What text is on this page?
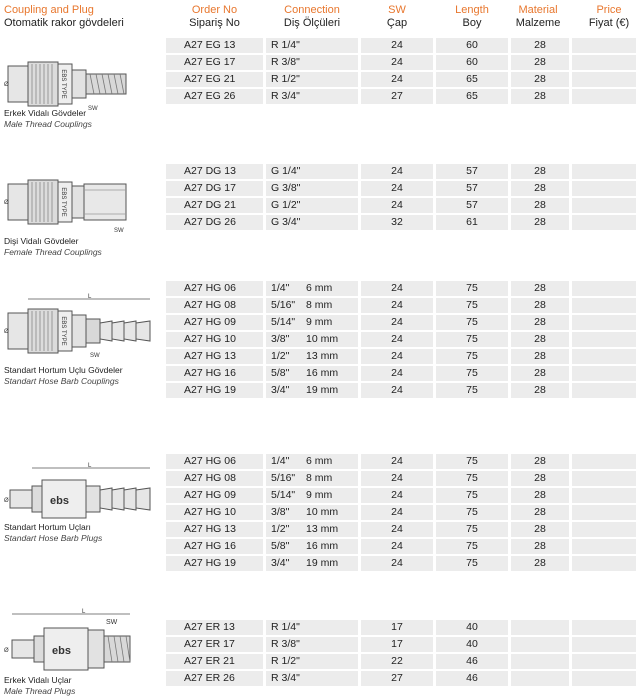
Coupling and Plug
Otomatik rakor gövdeleri
Order No
Sipariş No
Connection
Diş Ölçüleri
SW
Çap
Length
Boy
Material
Malzeme
Price
Fiyat (€)
EBS TYPE
SW
Ø
Erkek Vidalı Gövdeler
Male Thread Couplings
A27 EG 13	R 1/4"	24	60	28
A27 EG 17	R 3/8"	24	60	28
A27 EG 21	R 1/2"	24	65	28
A27 EG 26	R 3/4"	27	65	28
EBS TYPE
SW
Ø
Dişi Vidalı Gövdeler
Female Thread Couplings
A27 DG 13	G 1/4"	24	57	28
A27 DG 17	G 3/8"	24	57	28
A27 DG 21	G 1/2"	24	57	28
A27 DG 26	G 3/4"	32	61	28
L
EBS TYPE
SW
Ø
Standart Hortum Uçlu Gövdeler
Standart Hose Barb Couplings
A27 HG 06	1/4" 6 mm	24	75	28
A27 HG 08	5/16" 8 mm	24	75	28
A27 HG 09	5/14" 9 mm	24	75	28
A27 HG 10	3/8" 10 mm	24	75	28
A27 HG 13	1/2" 13 mm	24	75	28
A27 HG 16	5/8" 16 mm	24	75	28
A27 HG 19	3/4" 19 mm	24	75	28
L
ebs
Ø
Standart Hortum Uçları
Standart Hose Barb Plugs
A27 HG 06	1/4" 6 mm	24	75	28
A27 HG 08	5/16" 8 mm	24	75	28
A27 HG 09	5/14" 9 mm	24	75	28
A27 HG 10	3/8" 10 mm	24	75	28
A27 HG 13	1/2" 13 mm	24	75	28
A27 HG 16	5/8" 16 mm	24	75	28
A27 HG 19	3/4" 19 mm	24	75	28
L
SW
ebs
Ø
Erkek Vidalı Uçlar
Male Thread Plugs
A27 ER 13	R 1/4"	17	40
A27 ER 17	R 3/8"	17	40
A27 ER 21	R 1/2"	22	46
A27 ER 26	R 3/4"	27	46
